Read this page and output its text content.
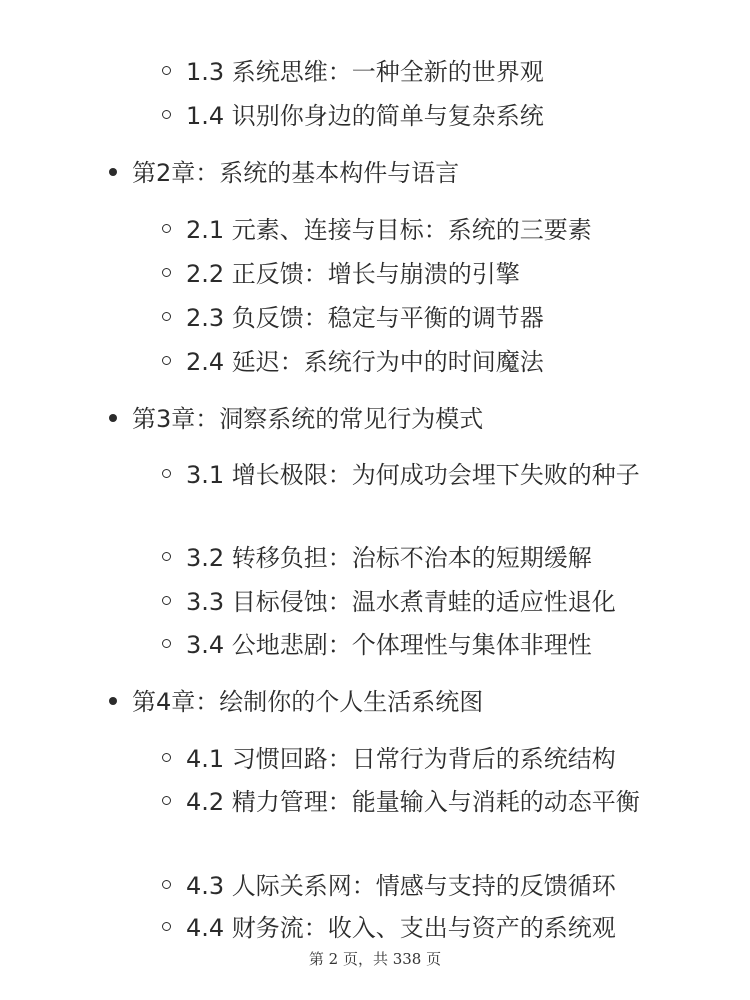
1.3 系统思维：一种全新的世界观
1.4 识别你身边的简单与复杂系统
第2章：系统的基本构件与语言
2.1 元素、连接与目标：系统的三要素
2.2 正反馈：增长与崩溃的引擎
2.3 负反馈：稳定与平衡的调节器
2.4 延迟：系统行为中的时间魔法
第3章：洞察系统的常见行为模式
3.1 增长极限：为何成功会埋下失败的种子
3.2 转移负担：治标不治本的短期缓解
3.3 目标侵蚀：温水煮青蛙的适应性退化
3.4 公地悲剧：个体理性与集体非理性
第4章：绘制你的个人生活系统图
4.1 习惯回路：日常行为背后的系统结构
4.2 精力管理：能量输入与消耗的动态平衡
4.3 人际关系网：情感与支持的反馈循环
4.4 财务流：收入、支出与资产的系统观
第 2 页，共 338 页
